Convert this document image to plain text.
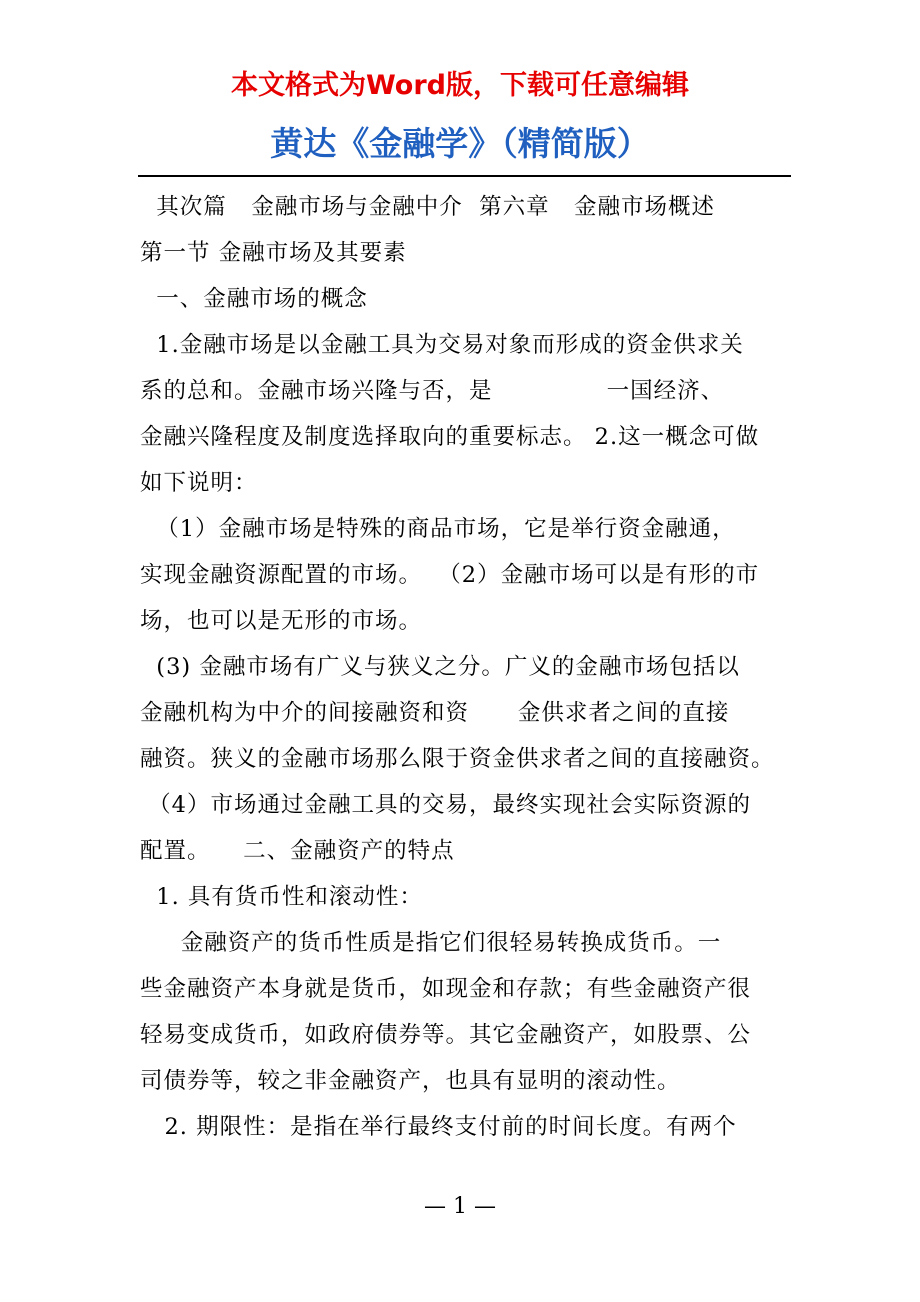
本文格式为Word版，下载可任意编辑
黄达《金融学》（精简版）
其次篇   金融市场与金融中介  第六章   金融市场概述
第一节 金融市场及其要素
一、金融市场的概念
1.金融市场是以金融工具为交易对象而形成的资金供求关
系的总和。金融市场兴隆与否，是              一国经济、
金融兴隆程度及制度选择取向的重要标志。 2.这一概念可做
如下说明：
（1）金融市场是特殊的商品市场，它是举行资金融通，
实现金融资源配置的市场。  （2）金融市场可以是有形的市
场，也可以是无形的市场。
(3) 金融市场有广义与狭义之分。广义的金融市场包括以
金融机构为中介的间接融资和资      金供求者之间的直接
融资。狭义的金融市场那么限于资金供求者之间的直接融资。
（4）市场通过金融工具的交易，最终实现社会实际资源的
配置。    二、金融资产的特点
1. 具有货币性和滚动性：
金融资产的货币性质是指它们很轻易转换成货币。一
些金融资产本身就是货币，如现金和存款；有些金融资产很
轻易变成货币，如政府债券等。其它金融资产，如股票、公
司债券等，较之非金融资产，也具有显明的滚动性。
2. 期限性：是指在举行最终支付前的时间长度。有两个
— 1 —
